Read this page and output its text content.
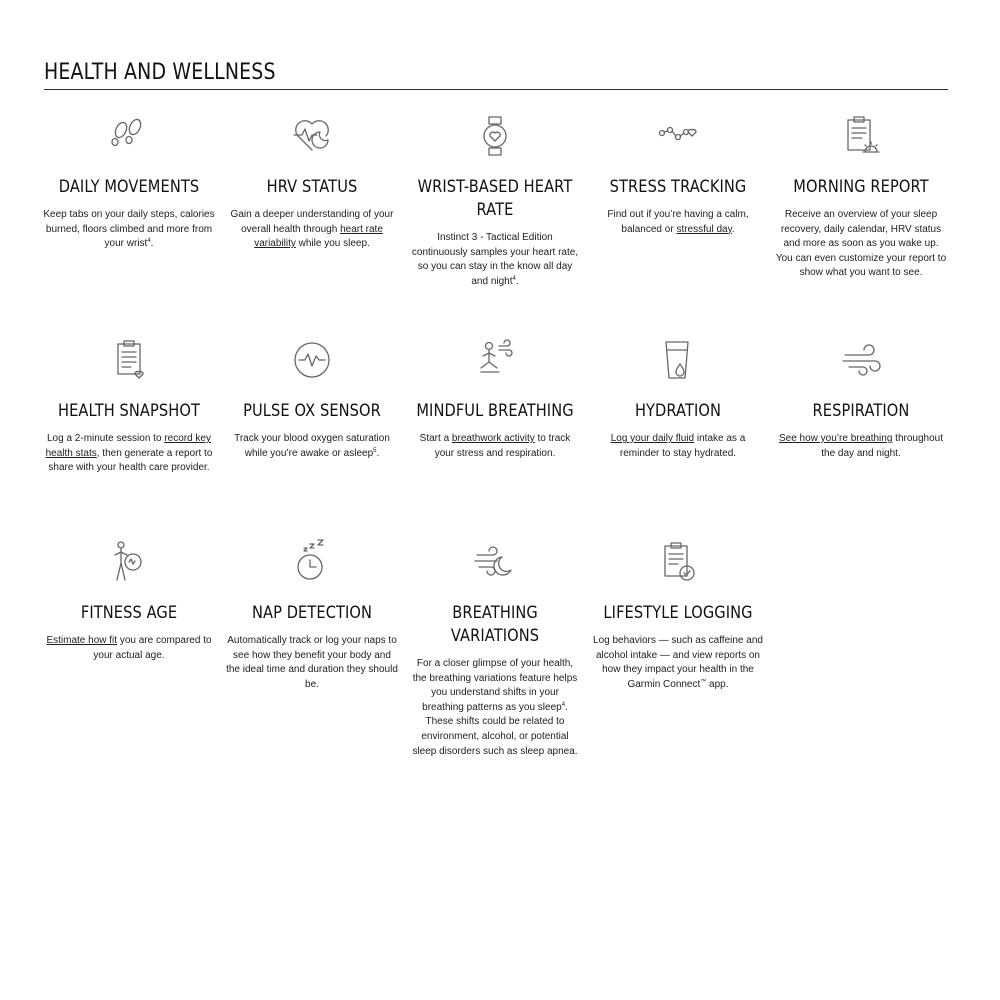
HEALTH AND WELLNESS
DAILY MOVEMENTS
Keep tabs on your daily steps, calories burned, floors climbed and more from your wrist$^4$.
HRV STATUS
Gain a deeper understanding of your overall health through heart rate variability while you sleep.
WRIST-BASED HEART RATE
Instinct 3 - Tactical Edition continuously samples your heart rate, so you can stay in the know all day and night$^4$.
STRESS TRACKING
Find out if you’re having a calm, balanced or stressful day.
MORNING REPORT
Receive an overview of your sleep recovery, daily calendar, HRV status and more as soon as you wake up. You can even customize your report to show what you want to see.
HEALTH SNAPSHOT
Log a 2-minute session to record key health stats, then generate a report to share with your health care provider.
PULSE OX SENSOR
Track your blood oxygen saturation while you’re awake or asleep$^5$.
MINDFUL BREATHING
Start a breathwork activity to track your stress and respiration.
HYDRATION
Log your daily fluid intake as a reminder to stay hydrated.
RESPIRATION
See how you’re breathing throughout the day and night.
FITNESS AGE
Estimate how fit you are compared to your actual age.
NAP DETECTION
Automatically track or log your naps to see how they benefit your body and the ideal time and duration they should be.
BREATHING VARIATIONS
For a closer glimpse of your health, the breathing variations feature helps you understand shifts in your breathing patterns as you sleep$^4$. These shifts could be related to environment, alcohol, or potential sleep disorders such as sleep apnea.
LIFESTYLE LOGGING
Log behaviors — such as caffeine and alcohol intake — and view reports on how they impact your health in the Garmin Connect™ app.
